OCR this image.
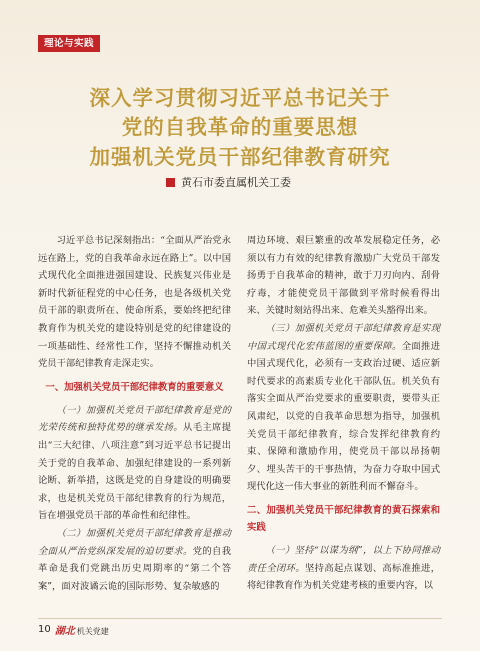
理论与实践
深入学习贯彻习近平总书记关于
党的自我革命的重要思想
加强机关党员干部纪律教育研究
黄石市委直属机关工委

习近平总书记深刻指出：“全面从严治党永远在路上，党的自我革命永远在路上”。以中国式现代化全面推进强国建设、民族复兴伟业是新时代新征程党的中心任务，也是各级机关党员干部的职责所在、使命所系，要始终把纪律教育作为机关党的建设特别是党的纪律建设的一项基础性、经常性工作，坚持不懈推动机关党员干部纪律教育走深走实。

一、加强机关党员干部纪律教育的重要意义

（一）加强机关党员干部纪律教育是党的光荣传统和独特优势的继承发扬。从毛主席提出“三大纪律、八项注意”到习近平总书记提出关于党的自我革命、加强纪律建设的一系列新论断、新举措，这既是党的自身建设的明确要求，也是机关党员干部纪律教育的行为规范，旨在增强党员干部的革命性和纪律性。

（二）加强机关党员干部纪律教育是推动全面从严治党纵深发展的迫切要求。党的自我革命是我们党跳出历史周期率的“第二个答案”，面对波谲云诡的国际形势、复杂敏感的

周边环境、艰巨繁重的改革发展稳定任务，必须以有力有效的纪律教育激励广大党员干部发扬勇于自我革命的精神，敢于刀刃向内、刮骨疗毒，才能使党员干部做到平常时候看得出来、关键时刻站得出来、危难关头豁得出来。

（三）加强机关党员干部纪律教育是实现中国式现代化宏伟蓝图的重要保障。全面推进中国式现代化，必须有一支政治过硬、适应新时代要求的高素质专业化干部队伍。机关负有落实全面从严治党要求的重要职责，要带头正风肃纪，以党的自我革命思想为指导，加强机关党员干部纪律教育，综合发挥纪律教育约束、保障和激励作用，使党员干部以昂扬朝夕、埋头苦干的干事热情，为奋力夺取中国式现代化这一伟大事业的新胜利而不懈奋斗。

二、加强机关党员干部纪律教育的黄石探索和实践

（一）坚持“以谋为纲”，以上下协同推动责任全闭环。坚持高起点谋划、高标准推进，将纪律教育作为机关党建考核的重要内容，以

10 湖北 机关党建
